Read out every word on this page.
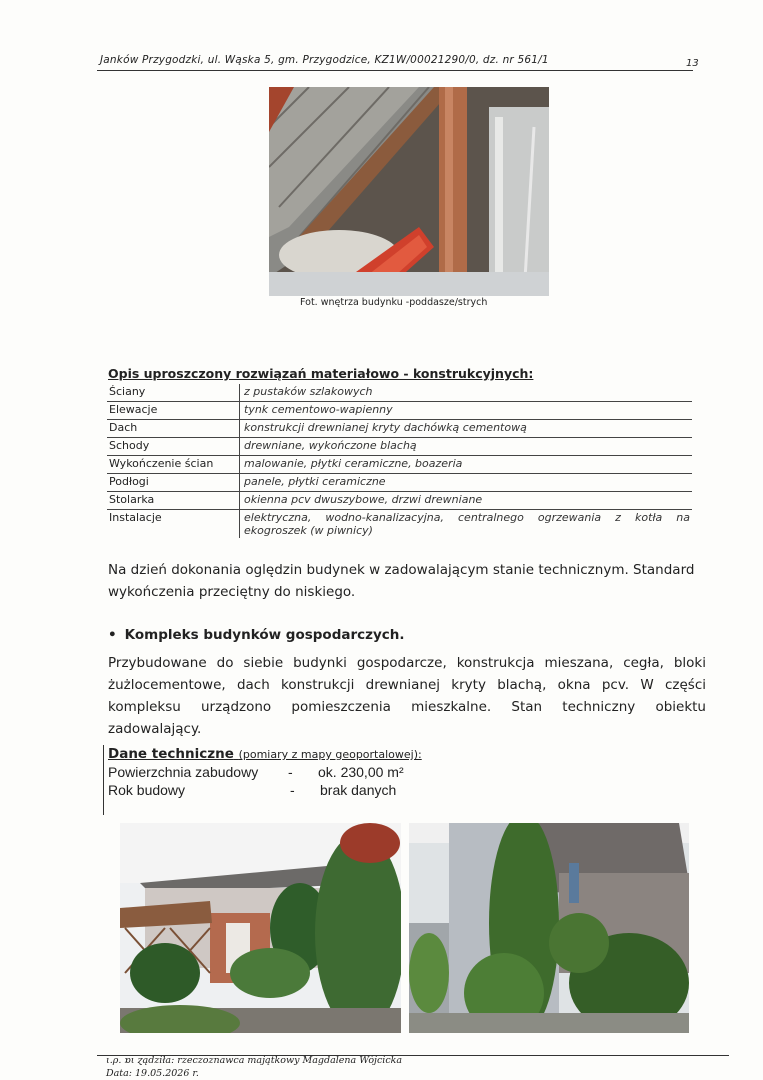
Janków Przygodzki, ul. Wąska 5, gm. Przygodzice, KZ1W/00021290/0, dz. nr 561/1	13
Fot. wnętrza budynku -poddasze/strych
Opis uproszczony rozwiązań materiałowo - konstrukcyjnych:
Ściany	z pustaków szlakowych
Elewacje	tynk cementowo-wapienny
Dach	konstrukcji drewnianej kryty dachówką cementową
Schody	drewniane, wykończone blachą
Wykończenie ścian	malowanie, płytki ceramiczne, boazeria
Podłogi	panele, płytki ceramiczne
Stolarka	okienna pcv dwuszybowe, drzwi drewniane
Instalacje	elektryczna, wodno-kanalizacyjna, centralnego ogrzewania z kotła na ekogroszek (w piwnicy)
Na dzień dokonania oględzin budynek w zadowalającym stanie technicznym. Standard wykończenia przeciętny do niskiego.
• Kompleks budynków gospodarczych.
Przybudowane do siebie budynki gospodarcze, konstrukcja mieszana, cegła, bloki żużlocementowe, dach konstrukcji drewnianej kryty blachą, okna pcv. W części kompleksu urządzono pomieszczenia mieszkalne. Stan techniczny obiektu zadowalający.
Dane techniczne (pomiary z mapy geoportalowej):
Powierzchnia zabudowy - ok. 230,00 m²
Rok budowy	- brak danych
ι.ρ. ɒι ɀądziła: rzeczoznawca majątkowy Magdalena Wójcicka
Data: 19.05.2026 r.
